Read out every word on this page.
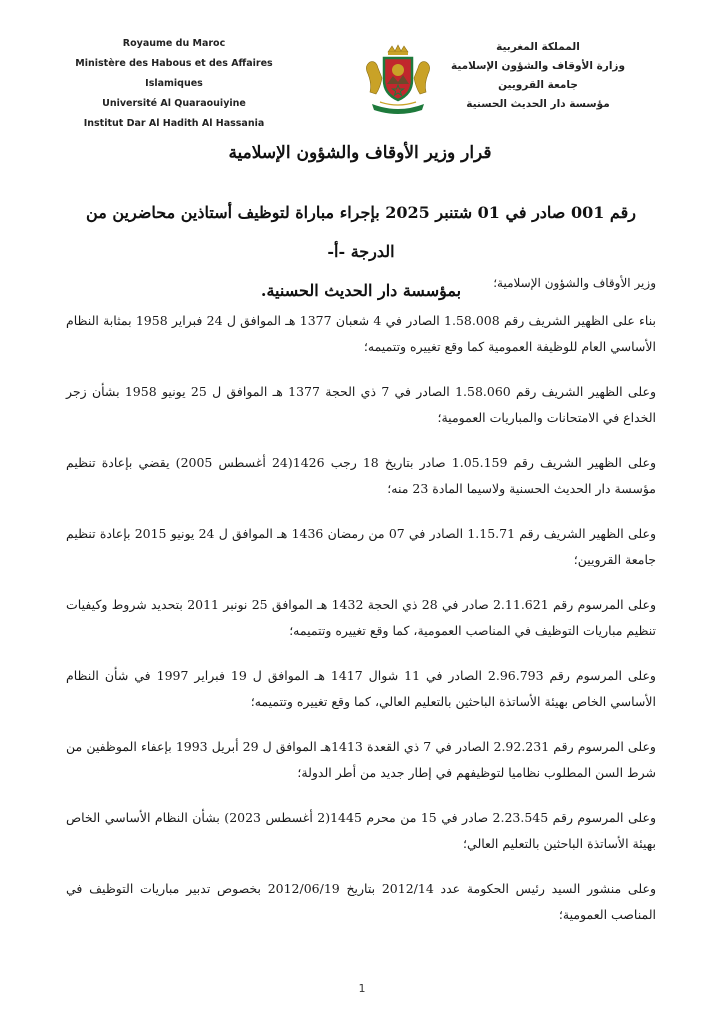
Royaume du Maroc
Ministère des Habous et des Affaires Islamiques
Université Al Quaraouiyine
Institut Dar Al Hadith Al Hassania
المملكة المغربية
وزارة الأوقاف والشؤون الإسلامية
جامعة القرويين
مؤسسة دار الحديث الحسنية
قرار وزير الأوقاف والشؤون الإسلامية
رقم 001 صادر في 01 شتنبر 2025 بإجراء مباراة لتوظيف أستاذين محاضرين من الدرجة -أ-
بمؤسسة دار الحديث الحسنية.	وزير الأوقاف والشؤون الإسلامية؛

بناء على الظهير الشريف رقم 1.58.008 الصادر في 4 شعبان 1377 هـ الموافق ل 24 فبراير 1958 بمثابة النظام الأساسي العام للوظيفة العمومية كما وقع تغييره وتتميمه؛

وعلى الظهير الشريف رقم 1.58.060 الصادر في 7 ذي الحجة 1377 هـ الموافق ل 25 يونيو 1958 بشأن زجر الخداع في الامتحانات والمباريات العمومية؛

وعلى الظهير الشريف رقم 1.05.159 صادر بتاريخ 18 رجب 1426(24 أغسطس 2005) يقضي بإعادة تنظيم مؤسسة دار الحديث الحسنية ولاسيما المادة 23 منه؛

وعلى الظهير الشريف رقم 1.15.71 الصادر في 07 من رمضان 1436 هـ الموافق ل 24 يونيو 2015 بإعادة تنظيم جامعة القرويين؛

وعلى المرسوم رقم 2.11.621 صادر في 28 ذي الحجة 1432 هـ الموافق 25 نونبر 2011 بتحديد شروط وكيفيات تنظيم مباريات التوظيف في المناصب العمومية، كما وقع تغييره وتتميمه؛

وعلى المرسوم رقم 2.96.793 الصادر في 11 شوال 1417 هـ الموافق ل 19 فبراير 1997 في شأن النظام الأساسي الخاص بهيئة الأساتذة الباحثين بالتعليم العالي، كما وقع تغييره وتتميمه؛

وعلى المرسوم رقم 2.92.231 الصادر في 7 ذي القعدة 1413هـ الموافق ل 29 أبريل 1993 بإعفاء الموظفين من شرط السن المطلوب نظاميا لتوظيفهم في إطار جديد من أطر الدولة؛

وعلى المرسوم رقم 2.23.545 صادر في 15 من محرم 1445(2 أغسطس 2023) بشأن النظام الأساسي الخاص بهيئة الأساتذة الباحثين بالتعليم العالي؛

وعلى منشور السيد رئيس الحكومة عدد 2012/14 بتاريخ 2012/06/19 بخصوص تدبير مباريات التوظيف في المناصب العمومية؛

1
